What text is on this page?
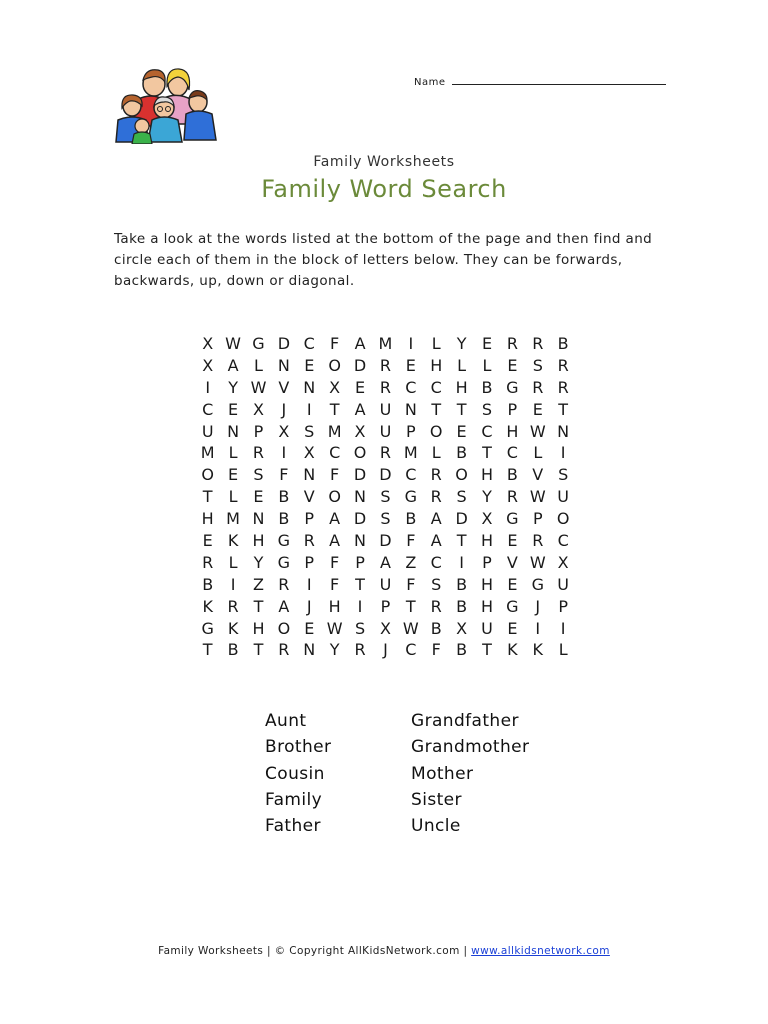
Name
Family Worksheets
Family Word Search
Take a look at the words listed at the bottom of the page and then find and circle each of them in the block of letters below. They can be forwards, backwards, up, down or diagonal.
X W G D C F A M	I	L	Y E R R B
X A L N E O D R E H L	L E S R
I	Y W V N X E R C C H B G R R
C E X	J	I	T A U N T T S P E T
U N P X S M X U P O E C H W N
M L R	I	X C O R M L B T C L	I
O E S F N F D D C R O H B V S
T	L E B V O N S G R S Y R W U
H M N B P A D S B A D X G P O
E K H G R A N D F A T H E R C
R L	Y G P F P A Z C	I	P V W X
B	I	Z R	I	F T U F S B H E G U
K R T A	J	H	I	P T R B H G	J	P
G K H O E W S X W B X U E	I	I
T B T R N Y R	J	C F B T K K L
Aunt
Brother
Cousin
Family
Father
Grandfather
Grandmother
Mother
Sister
Uncle
Family Worksheets | © Copyright AllKidsNetwork.com | www.allkidsnetwork.com
